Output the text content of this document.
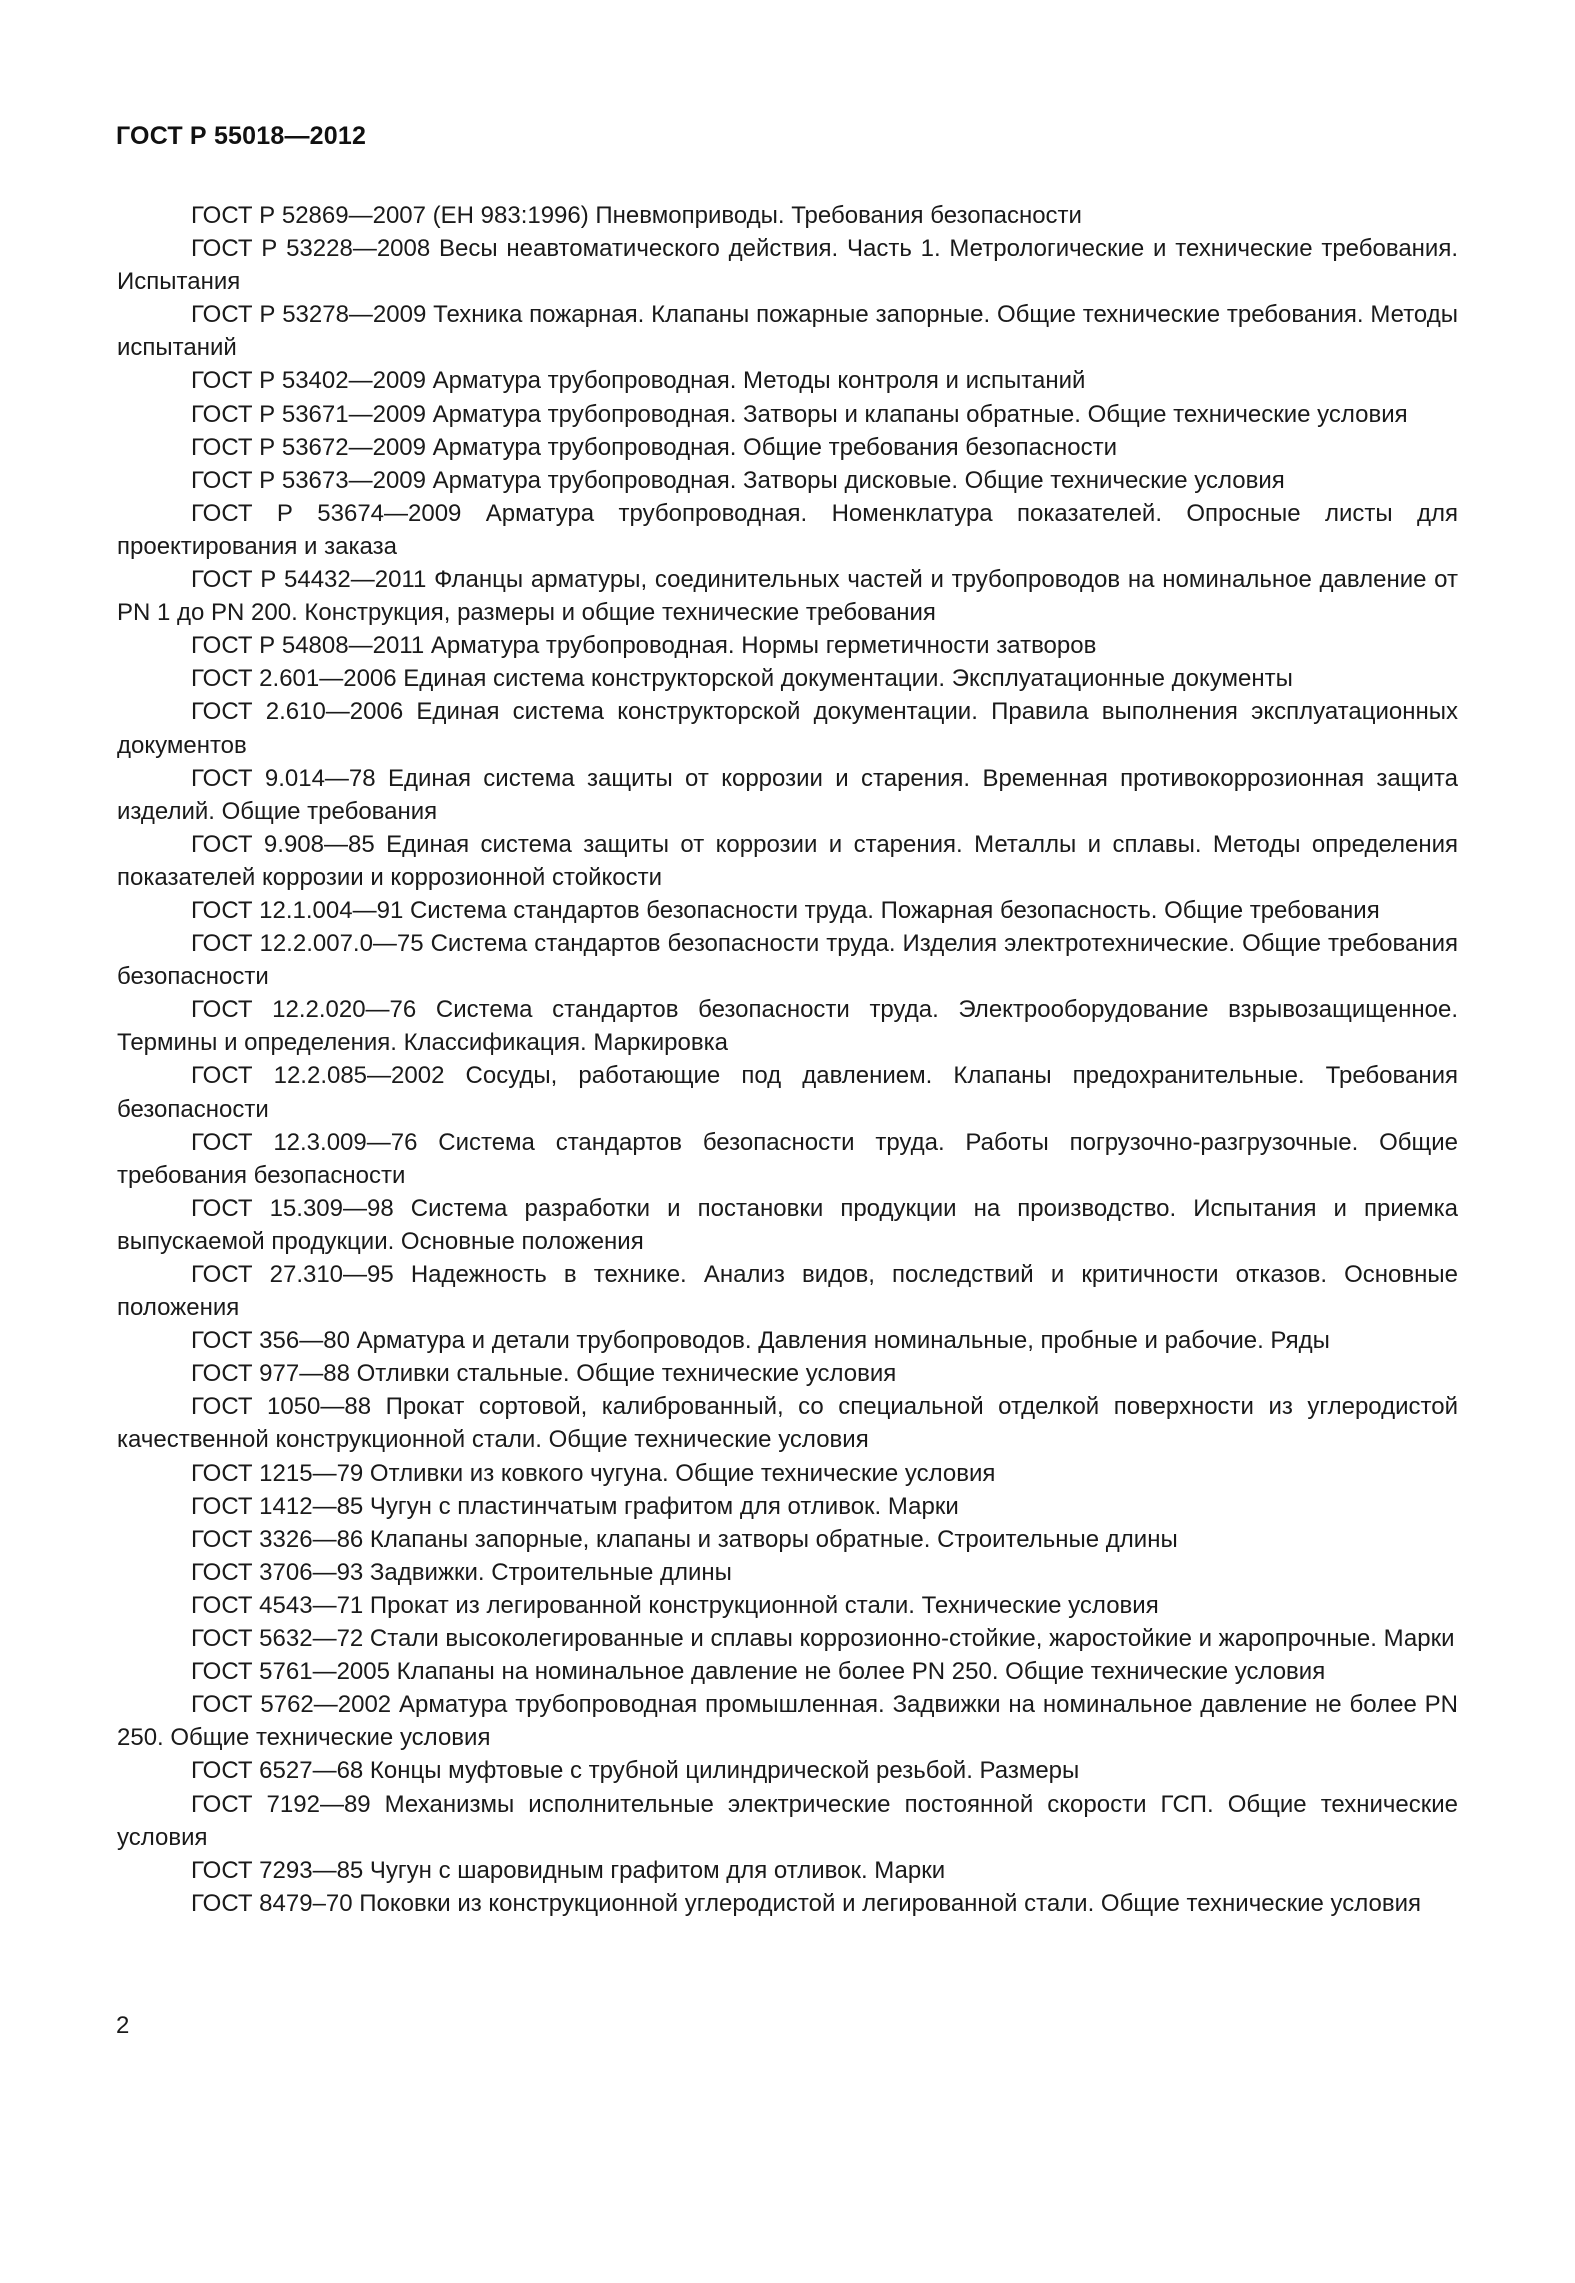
ГОСТ Р 55018—2012

ГОСТ Р 52869—2007 (ЕН 983:1996) Пневмоприводы. Требования безопасности

ГОСТ Р 53228—2008 Весы неавтоматического действия. Часть 1. Метрологические и технические требования. Испытания

ГОСТ Р 53278—2009 Техника пожарная. Клапаны пожарные запорные. Общие технические требования. Методы испытаний

ГОСТ Р 53402—2009 Арматура трубопроводная. Методы контроля и испытаний

ГОСТ Р 53671—2009 Арматура трубопроводная. Затворы и клапаны обратные. Общие технические условия

ГОСТ Р 53672—2009 Арматура трубопроводная. Общие требования безопасности

ГОСТ Р 53673—2009 Арматура трубопроводная. Затворы дисковые. Общие технические условия

ГОСТ Р 53674—2009 Арматура трубопроводная. Номенклатура показателей. Опросные листы для проектирования и заказа

ГОСТ Р 54432—2011 Фланцы арматуры, соединительных частей и трубопроводов на номинальное давление от PN 1 до PN 200. Конструкция, размеры и общие технические требования

ГОСТ Р 54808—2011 Арматура трубопроводная. Нормы герметичности затворов

ГОСТ 2.601—2006 Единая система конструкторской документации. Эксплуатационные документы

ГОСТ 2.610—2006 Единая система конструкторской документации. Правила выполнения эксплуатационных документов

ГОСТ 9.014—78 Единая система защиты от коррозии и старения. Временная противокоррозионная защита изделий. Общие требования

ГОСТ 9.908—85 Единая система защиты от коррозии и старения. Металлы и сплавы. Методы определения показателей коррозии и коррозионной стойкости

ГОСТ 12.1.004—91 Система стандартов безопасности труда. Пожарная безопасность. Общие требования

ГОСТ 12.2.007.0—75 Система стандартов безопасности труда. Изделия электротехнические. Общие требования безопасности

ГОСТ 12.2.020—76 Система стандартов безопасности труда. Электрооборудование взрывозащищенное. Термины и определения. Классификация. Маркировка

ГОСТ 12.2.085—2002 Сосуды, работающие под давлением. Клапаны предохранительные. Требования безопасности

ГОСТ 12.3.009—76 Система стандартов безопасности труда. Работы погрузочно-разгрузочные. Общие требования безопасности

ГОСТ 15.309—98 Система разработки и постановки продукции на производство. Испытания и приемка выпускаемой продукции. Основные положения

ГОСТ 27.310—95 Надежность в технике. Анализ видов, последствий и критичности отказов. Основные положения

ГОСТ 356—80 Арматура и детали трубопроводов. Давления номинальные, пробные и рабочие. Ряды

ГОСТ 977—88 Отливки стальные. Общие технические условия

ГОСТ 1050—88 Прокат сортовой, калиброванный, со специальной отделкой поверхности из углеродистой качественной конструкционной стали. Общие технические условия

ГОСТ 1215—79 Отливки из ковкого чугуна. Общие технические условия

ГОСТ 1412—85 Чугун с пластинчатым графитом для отливок. Марки

ГОСТ 3326—86 Клапаны запорные, клапаны и затворы обратные. Строительные длины

ГОСТ 3706—93 Задвижки. Строительные длины

ГОСТ 4543—71 Прокат из легированной конструкционной стали. Технические условия

ГОСТ 5632—72 Стали высоколегированные и сплавы коррозионно-стойкие, жаростойкие и жаропрочные. Марки

ГОСТ 5761—2005 Клапаны на номинальное давление не более PN 250. Общие технические условия

ГОСТ 5762—2002 Арматура трубопроводная промышленная. Задвижки на номинальное давление не более PN 250. Общие технические условия

ГОСТ 6527—68 Концы муфтовые с трубной цилиндрической резьбой. Размеры

ГОСТ 7192—89 Механизмы исполнительные электрические постоянной скорости ГСП. Общие технические условия

ГОСТ 7293—85 Чугун с шаровидным графитом для отливок. Марки

ГОСТ 8479–70 Поковки из конструкционной углеродистой и легированной стали. Общие технические условия

2
